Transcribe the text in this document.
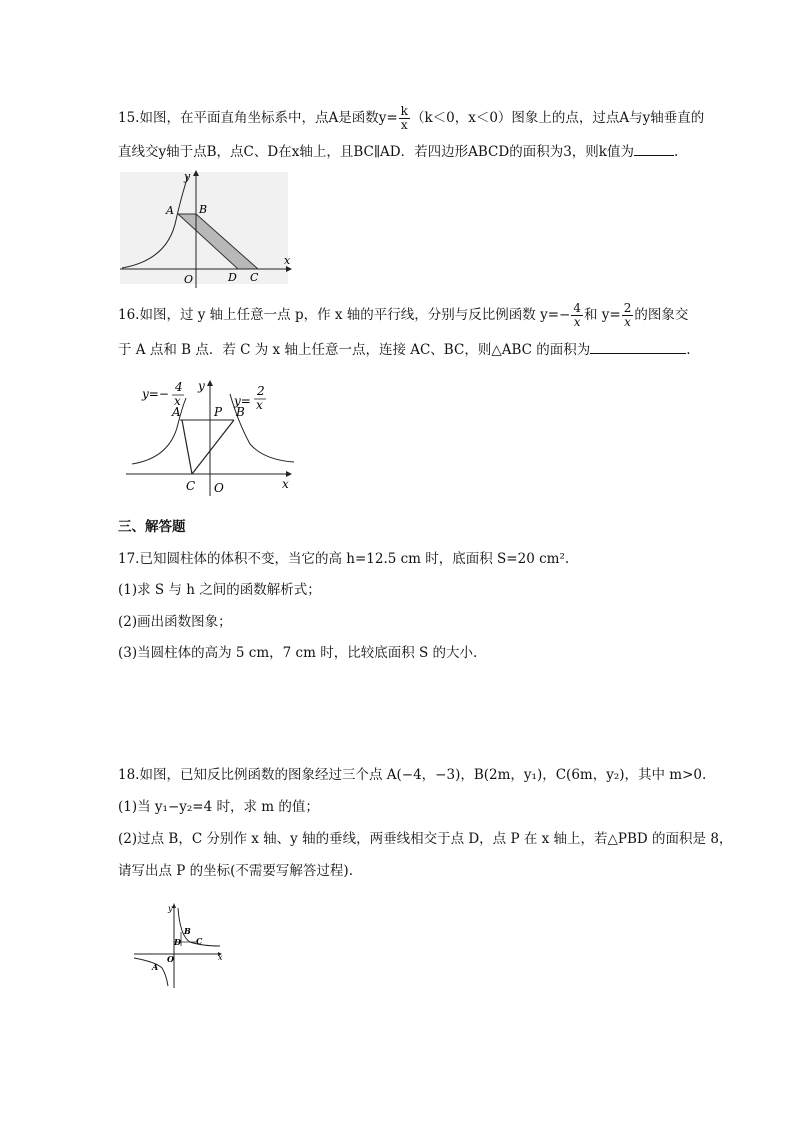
15.如图，在平面直角坐标系中，点A是函数$y= \frac{k}{x} (k<0$，x＜0）图象上的点，过点A与y轴垂直的
直线交y轴于点B，点C、D在x轴上，且BC∥AD．若四边形ABCD的面积为3，则k值为	.
y
x
A B
O	D C
16.如图，过 y 轴上任意一点 p，作 x 轴的平行线，分别与反比例函数 $y=- \frac{4}{x}$ 和 $y= \frac{2}{x}$ 的图象交
于 A 点和 B 点．若 C 为 x 轴上任意一点，连接 AC、BC，则△ABC 的面积为	.
y=− 4
x	y=
2
x
y
A	P B
C O	x
三、解答题
17.已知圆柱体的体积不变，当它的高 h=12.5 cm 时，底面积 S=20 cm².
(1)求 S 与 h 之间的函数解析式；
(2)画出函数图象；
(3)当圆柱体的高为 5 cm，7 cm 时，比较底面积 S 的大小.
18.如图，已知反比例函数的图象经过三个点 A(−4，−3)，B(2m，y₁)，C(6m，y₂)，其中 m>0.
(1)当 y₁−y₂=4 时，求 m 的值；
(2)过点 B，C 分别作 x 轴、y 轴的垂线，两垂线相交于点 D，点 P 在 x 轴上，若△PBD 的面积是 8，
请写出点 P 的坐标(不需要写解答过程).
y
B
D C
O
A
x
